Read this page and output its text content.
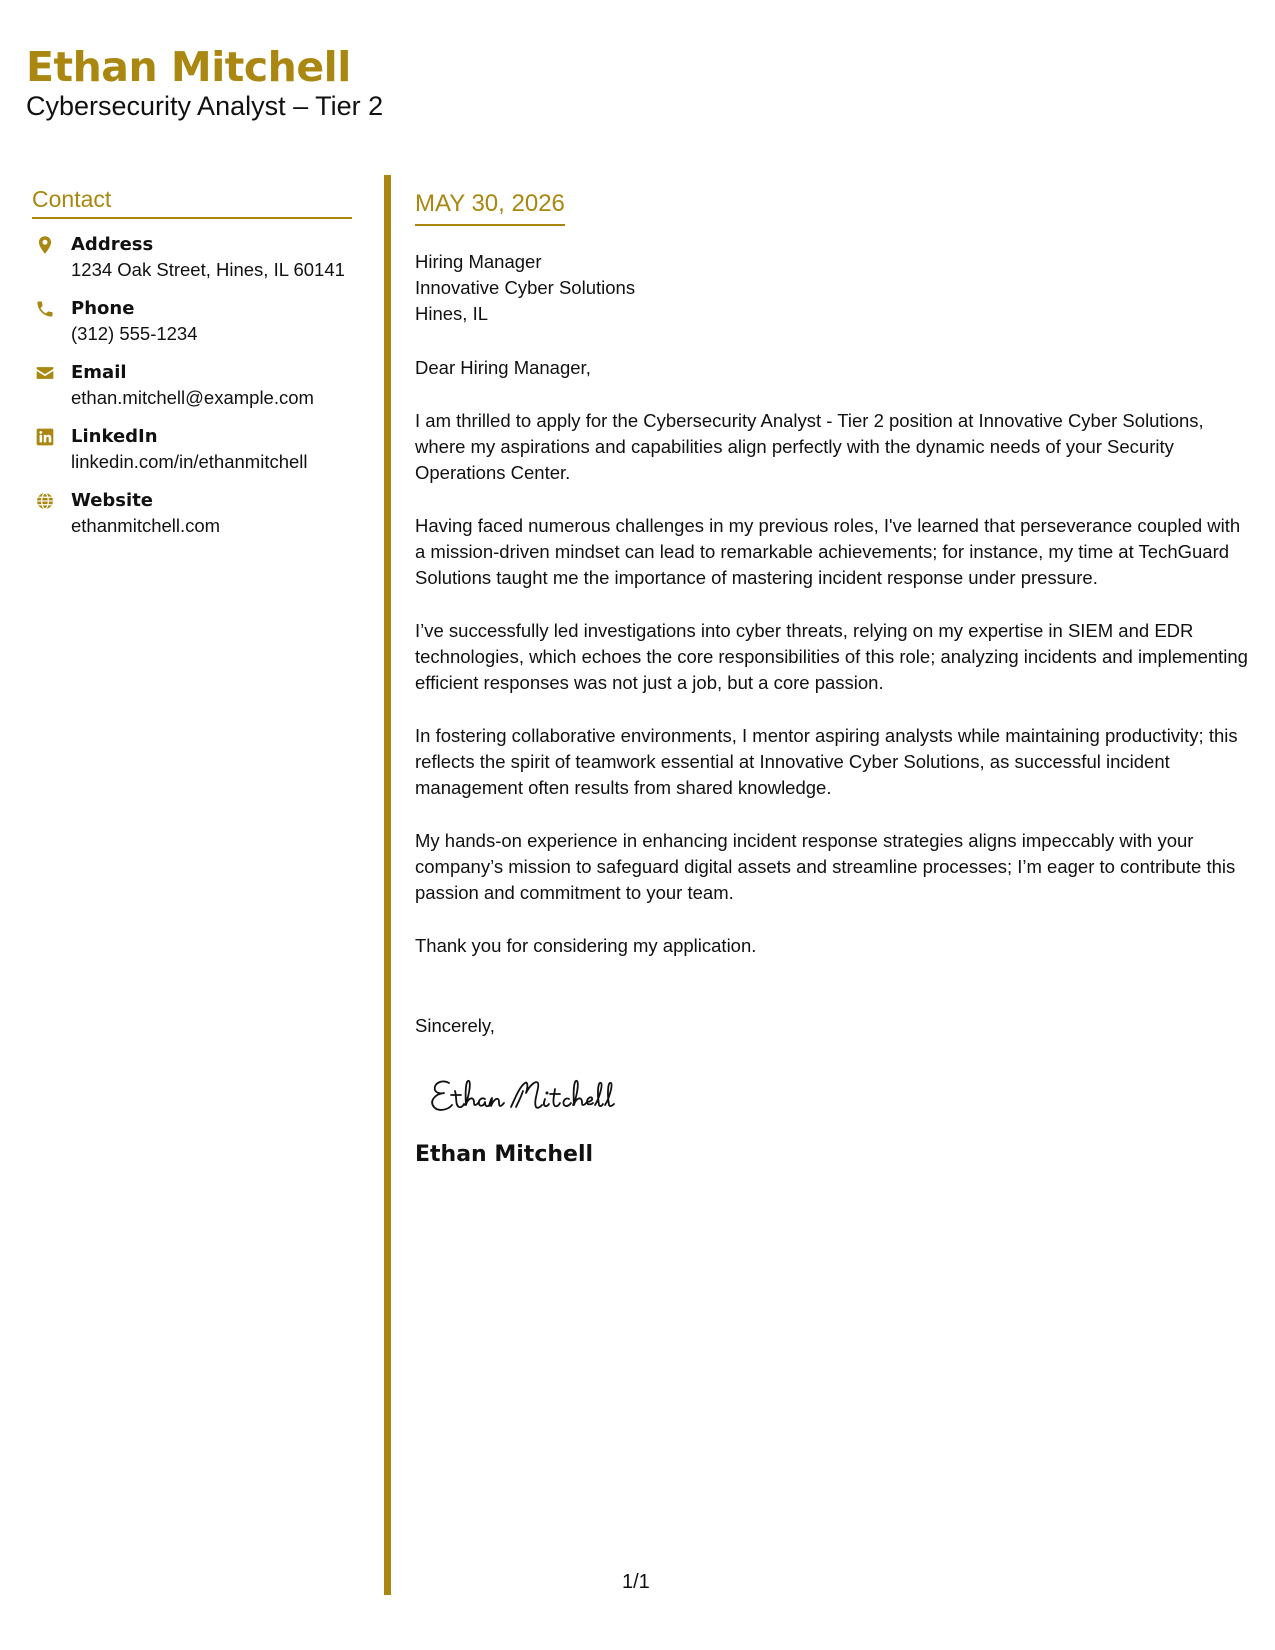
Ethan Mitchell
Cybersecurity Analyst – Tier 2
Contact
Address
1234 Oak Street, Hines, IL 60141
Phone
(312) 555-1234
Email
ethan.mitchell@example.com
LinkedIn
linkedin.com/in/ethanmitchell
Website
ethanmitchell.com
MAY 30, 2026
Hiring Manager
Innovative Cyber Solutions
Hines, IL
Dear Hiring Manager,
I am thrilled to apply for the Cybersecurity Analyst - Tier 2 position at Innovative Cyber Solutions, where my aspirations and capabilities align perfectly with the dynamic needs of your Security Operations Center.
Having faced numerous challenges in my previous roles, I've learned that perseverance coupled with a mission-driven mindset can lead to remarkable achievements; for instance, my time at TechGuard Solutions taught me the importance of mastering incident response under pressure.
I’ve successfully led investigations into cyber threats, relying on my expertise in SIEM and EDR technologies, which echoes the core responsibilities of this role; analyzing incidents and implementing efficient responses was not just a job, but a core passion.
In fostering collaborative environments, I mentor aspiring analysts while maintaining productivity; this reflects the spirit of teamwork essential at Innovative Cyber Solutions, as successful incident management often results from shared knowledge.
My hands-on experience in enhancing incident response strategies aligns impeccably with your company’s mission to safeguard digital assets and streamline processes; I’m eager to contribute this passion and commitment to your team.
Thank you for considering my application.
Sincerely,
Ethan Mitchell
1/1
